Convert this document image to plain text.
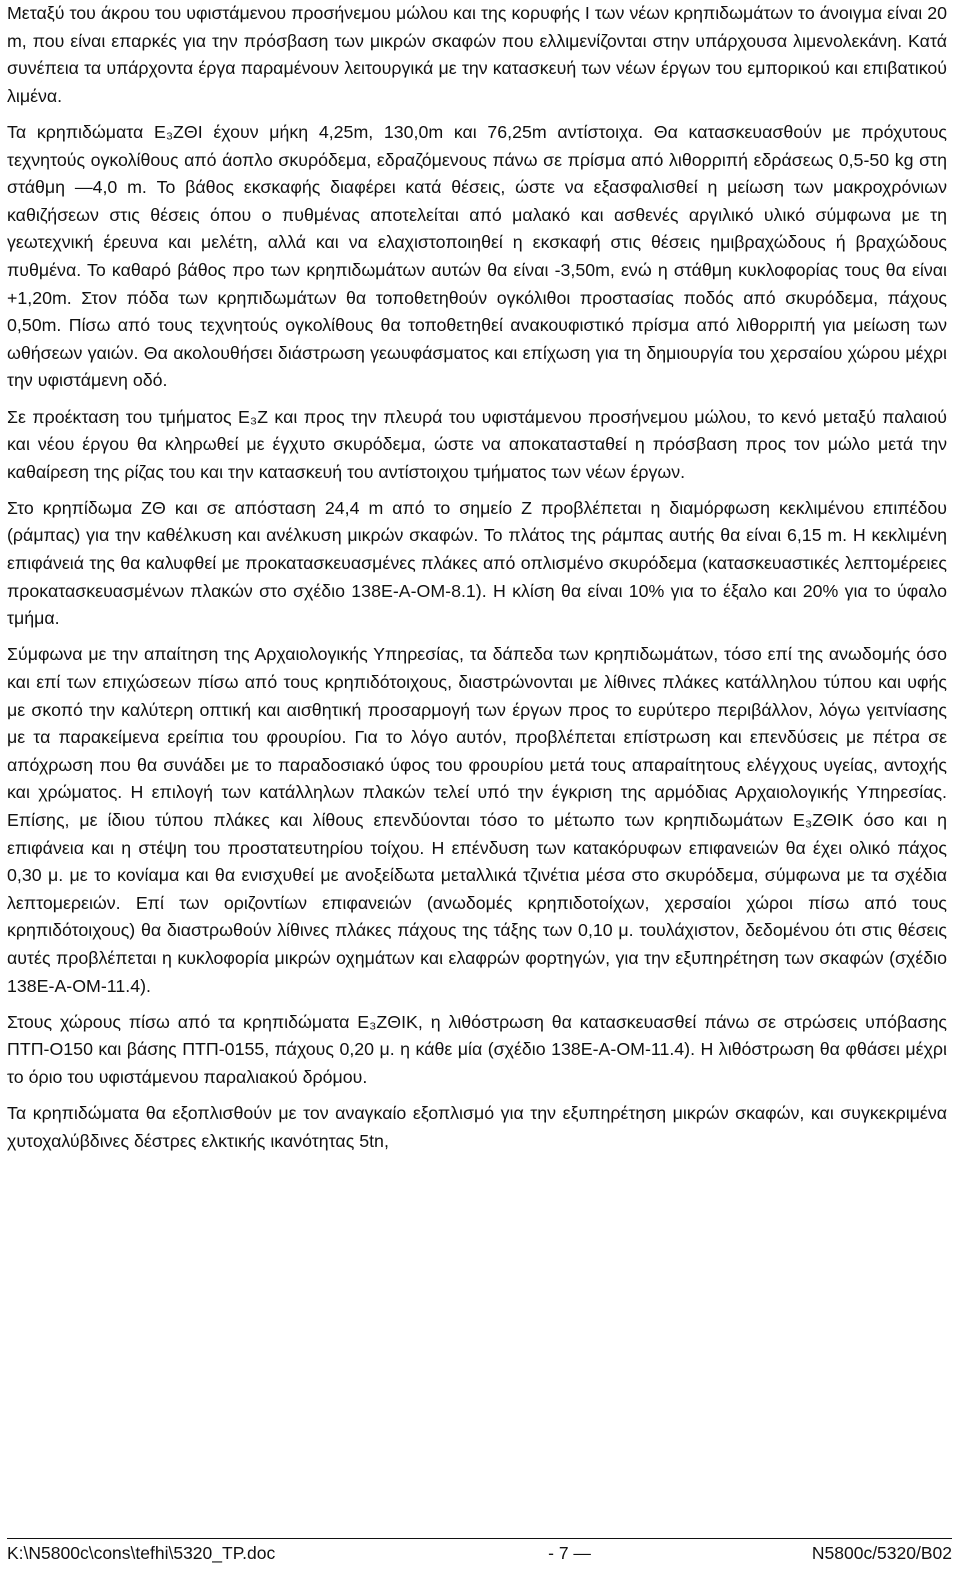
Μεταξύ του άκρου του υφιστάμενου προσήνεμου μώλου και της κορυφής Ι των νέων κρηπιδωμάτων το άνοιγμα είναι 20 m, που είναι επαρκές για την πρόσβαση των μικρών σκαφών που ελλιμενίζονται στην υπάρχουσα λιμενολεκάνη. Κατά συνέπεια τα υπάρχοντα έργα παραμένουν λειτουργικά με την κατασκευή των νέων έργων του εμπορικού και επιβατικού λιμένα.

Τα κρηπιδώματα Ε₃ΖΘΙ έχουν μήκη 4,25m, 130,0m και 76,25m αντίστοιχα. Θα κατασκευασθούν με πρόχυτους τεχνητούς ογκολίθους από άοπλο σκυρόδεμα, εδραζόμενους πάνω σε πρίσμα από λιθορριπή εδράσεως 0,5-50 kg στη στάθμη —4,0 m. Το βάθος εκσκαφής διαφέρει κατά θέσεις, ώστε να εξασφαλισθεί η μείωση των μακροχρόνιων καθιζήσεων στις θέσεις όπου ο πυθμένας αποτελείται από μαλακό και ασθενές αργιλικό υλικό σύμφωνα με τη γεωτεχνική έρευνα και μελέτη, αλλά και να ελαχιστοποιηθεί η εκσκαφή στις θέσεις ημιβραχώδους ή βραχώδους πυθμένα. Το καθαρό βάθος προ των κρηπιδωμάτων αυτών θα είναι -3,50m, ενώ η στάθμη κυκλοφορίας τους θα είναι +1,20m. Στον πόδα των κρηπιδωμάτων θα τοποθετηθούν ογκόλιθοι προστασίας ποδός από σκυρόδεμα, πάχους 0,50m. Πίσω από τους τεχνητούς ογκολίθους θα τοποθετηθεί ανακουφιστικό πρίσμα από λιθορριπή για μείωση των ωθήσεων γαιών. Θα ακολουθήσει διάστρωση γεωυφάσματος και επίχωση για τη δημιουργία του χερσαίου χώρου μέχρι την υφιστάμενη οδό.

Σε προέκταση του τμήματος Ε₃Ζ και προς την πλευρά του υφιστάμενου προσήνεμου μώλου, το κενό μεταξύ παλαιού και νέου έργου θα κληρωθεί με έγχυτο σκυρόδεμα, ώστε να αποκατασταθεί η πρόσβαση προς τον μώλο μετά την καθαίρεση της ρίζας του και την κατασκευή του αντίστοιχου τμήματος των νέων έργων.

Στο κρηπίδωμα ΖΘ και σε απόσταση 24,4 m από το σημείο Ζ προβλέπεται η διαμόρφωση κεκλιμένου επιπέδου (ράμπας) για την καθέλκυση και ανέλκυση μικρών σκαφών. Το πλάτος της ράμπας αυτής θα είναι 6,15 m. Η κεκλιμένη επιφάνειά της θα καλυφθεί με προκατασκευασμένες πλάκες από οπλισμένο σκυρόδεμα (κατασκευαστικές λεπτομέρειες προκατασκευασμένων πλακών στο σχέδιο 138Ε-Α-ΟΜ-8.1). Η κλίση θα είναι 10% για το έξαλο και 20% για το ύφαλο τμήμα.

Σύμφωνα με την απαίτηση της Αρχαιολογικής Υπηρεσίας, τα δάπεδα των κρηπιδωμάτων, τόσο επί της ανωδομής όσο και επί των επιχώσεων πίσω από τους κρηπιδότοιχους, διαστρώνονται με λίθινες πλάκες κατάλληλου τύπου και υφής με σκοπό την καλύτερη οπτική και αισθητική προσαρμογή των έργων προς το ευρύτερο περιβάλλον, λόγω γειτνίασης με τα παρακείμενα ερείπια του φρουρίου. Για το λόγο αυτόν, προβλέπεται επίστρωση και επενδύσεις με πέτρα σε απόχρωση που θα συνάδει με το παραδοσιακό ύφος του φρουρίου μετά τους απαραίτητους ελέγχους υγείας, αντοχής και χρώματος. Η επιλογή των κατάλληλων πλακών τελεί υπό την έγκριση της αρμόδιας Αρχαιολογικής Υπηρεσίας. Επίσης, με ίδιου τύπου πλάκες και λίθους επενδύονται τόσο το μέτωπο των κρηπιδωμάτων Ε₃ΖΘΙΚ όσο και η επιφάνεια και η στέψη του προστατευτηρίου τοίχου. Η επένδυση των κατακόρυφων επιφανειών θα έχει ολικό πάχος 0,30 μ. με το κονίαμα και θα ενισχυθεί με ανοξείδωτα μεταλλικά τζινέτια μέσα στο σκυρόδεμα, σύμφωνα με τα σχέδια λεπτομερειών. Επί των οριζοντίων επιφανειών (ανωδομές κρηπιδοτοίχων, χερσαίοι χώροι πίσω από τους κρηπιδότοιχους) θα διαστρωθούν λίθινες πλάκες πάχους της τάξης των 0,10 μ. τουλάχιστον, δεδομένου ότι στις θέσεις αυτές προβλέπεται η κυκλοφορία μικρών οχημάτων και ελαφρών φορτηγών, για την εξυπηρέτηση των σκαφών (σχέδιο 138Ε-Α-ΟΜ-11.4).

Στους χώρους πίσω από τα κρηπιδώματα Ε₃ΖΘΙΚ, η λιθόστρωση θα κατασκευασθεί πάνω σε στρώσεις υπόβασης ΠΤΠ-Ο150 και βάσης ΠΤΠ-0155, πάχους 0,20 μ. η κάθε μία (σχέδιο 138Ε-Α-ΟΜ-11.4). Η λιθόστρωση θα φθάσει μέχρι το όριο του υφιστάμενου παραλιακού δρόμου.

Τα κρηπιδώματα θα εξοπλισθούν με τον αναγκαίο εξοπλισμό για την εξυπηρέτηση μικρών σκαφών, και συγκεκριμένα χυτοχαλύβδινες δέστρες ελκτικής ικανότητας 5tn,

K:\N5800c\cons\tefhi\5320_TP.doc	- 7 —	N5800c/5320/B02
